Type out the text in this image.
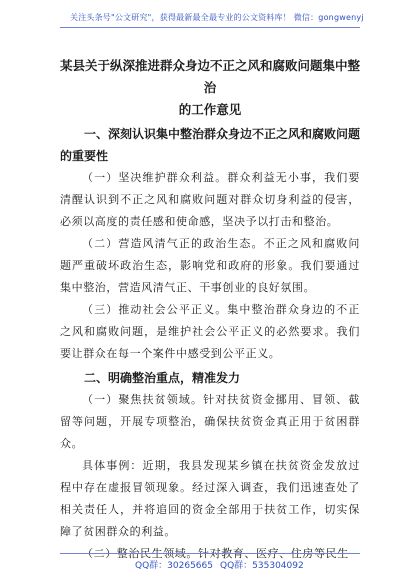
关注头条号"公文研究"，获得最新最全最专业的公文资料库！ 微信：gongwenyj

某县关于纵深推进群众身边不正之风和腐败问题集中整治
的工作意见

一、深刻认识集中整治群众身边不正之风和腐败问题的重要性

（一）坚决维护群众利益。群众利益无小事，我们要清醒认识到不正之风和腐败问题对群众切身利益的侵害，必须以高度的责任感和使命感，坚决予以打击和整治。

（二）营造风清气正的政治生态。不正之风和腐败问题严重破坏政治生态，影响党和政府的形象。我们要通过集中整治，营造风清气正、干事创业的良好氛围。

（三）推动社会公平正义。集中整治群众身边的不正之风和腐败问题，是维护社会公平正义的必然要求。我们要让群众在每一个案件中感受到公平正义。

二、明确整治重点，精准发力

（一）聚焦扶贫领域。针对扶贫资金挪用、冒领、截留等问题，开展专项整治，确保扶贫资金真正用于贫困群众。

具体事例：近期，我县发现某乡镇在扶贫资金发放过程中存在虚报冒领现象。经过深入调查，我们迅速查处了相关责任人，并将追回的资金全部用于扶贫工作，切实保障了贫困群众的利益。

（二）整治民生领域。针对教育、医疗、住房等民生

QQ群：30265665 QQ群：535304092
